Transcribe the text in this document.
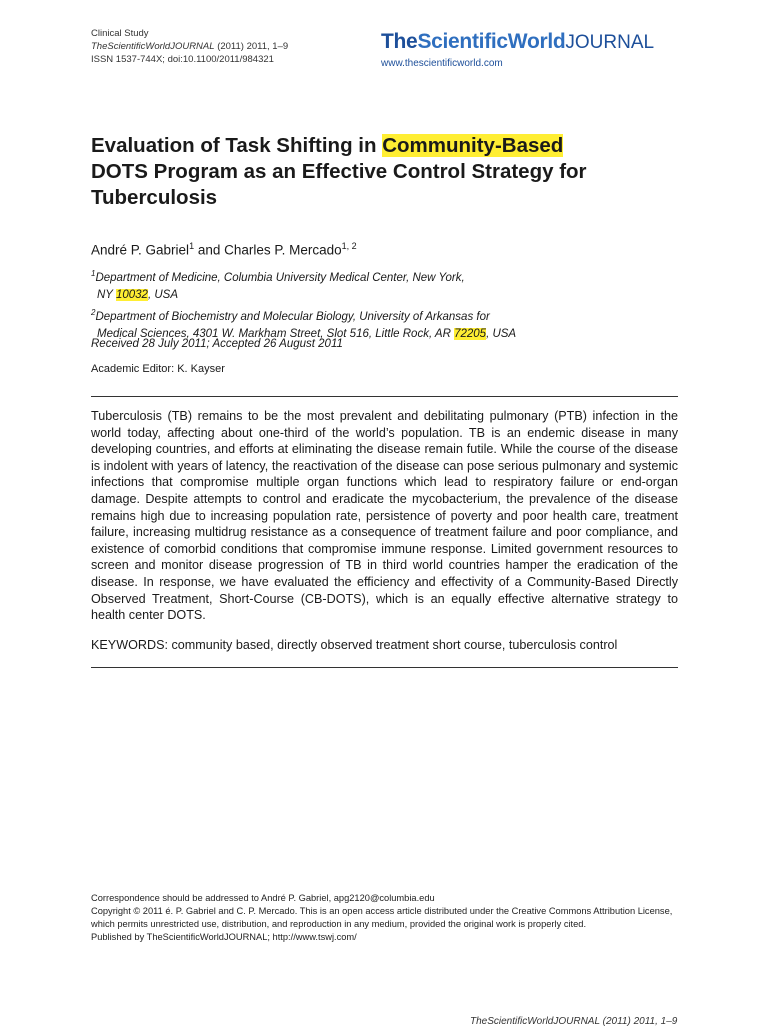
Clinical Study
TheScientificWorldJOURNAL (2011) 2011, 1–9
ISSN 1537-744X; doi:10.1100/2011/984321
TheScientificWorldJOURNAL
www.thescientificworld.com
Evaluation of Task Shifting in Community-Based
DOTS Program as an Effective Control Strategy for Tuberculosis
André P. Gabriel$^1$ and Charles P. Mercado$^{1, 2}$
$^1$Department of Medicine, Columbia University Medical Center, New York,
NY 10032, USA
$^2$Department of Biochemistry and Molecular Biology, University of Arkansas for
Medical Sciences, 4301 W. Markham Street, Slot 516, Little Rock, AR 72205, USA
Received 28 July 2011; Accepted 26 August 2011
Academic Editor: K. Kayser

Tuberculosis (TB) remains to be the most prevalent and debilitating pulmonary (PTB) infection in the world today, affecting about one-third of the world’s population. TB is an endemic disease in many developing countries, and efforts at eliminating the disease remain futile. While the course of the disease is indolent with years of latency, the reactivation of the disease can pose serious pulmonary and systemic infections that compromise multiple organ functions which lead to respiratory failure or end-organ damage. Despite attempts to control and eradicate the mycobacterium, the prevalence of the disease remains high due to increasing population rate, persistence of poverty and poor health care, treatment failure, increasing multidrug resistance as a consequence of treatment failure and poor compliance, and existence of comorbid conditions that compromise immune response. Limited government resources to screen and monitor disease progression of TB in third world countries hamper the eradication of the disease. In response, we have evaluated the efficiency and effectivity of a Community-Based Directly Observed Treatment, Short-Course (CB-DOTS), which is an equally effective alternative strategy to health center DOTS.

KEYWORDS: community based, directly observed treatment short course, tuberculosis control

Correspondence should be addressed to André P. Gabriel, apg2120@columbia.edu

Copyright © 2011 é. P. Gabriel and C. P. Mercado. This is an open access article distributed under the Creative Commons Attribution License, which permits unrestricted use, distribution, and reproduction in any medium, provided the original work is properly cited.

Published by TheScientificWorldJOURNAL; http://www.tswj.com/

TheScientificWorldJOURNAL (2011) 2011, 1–9
